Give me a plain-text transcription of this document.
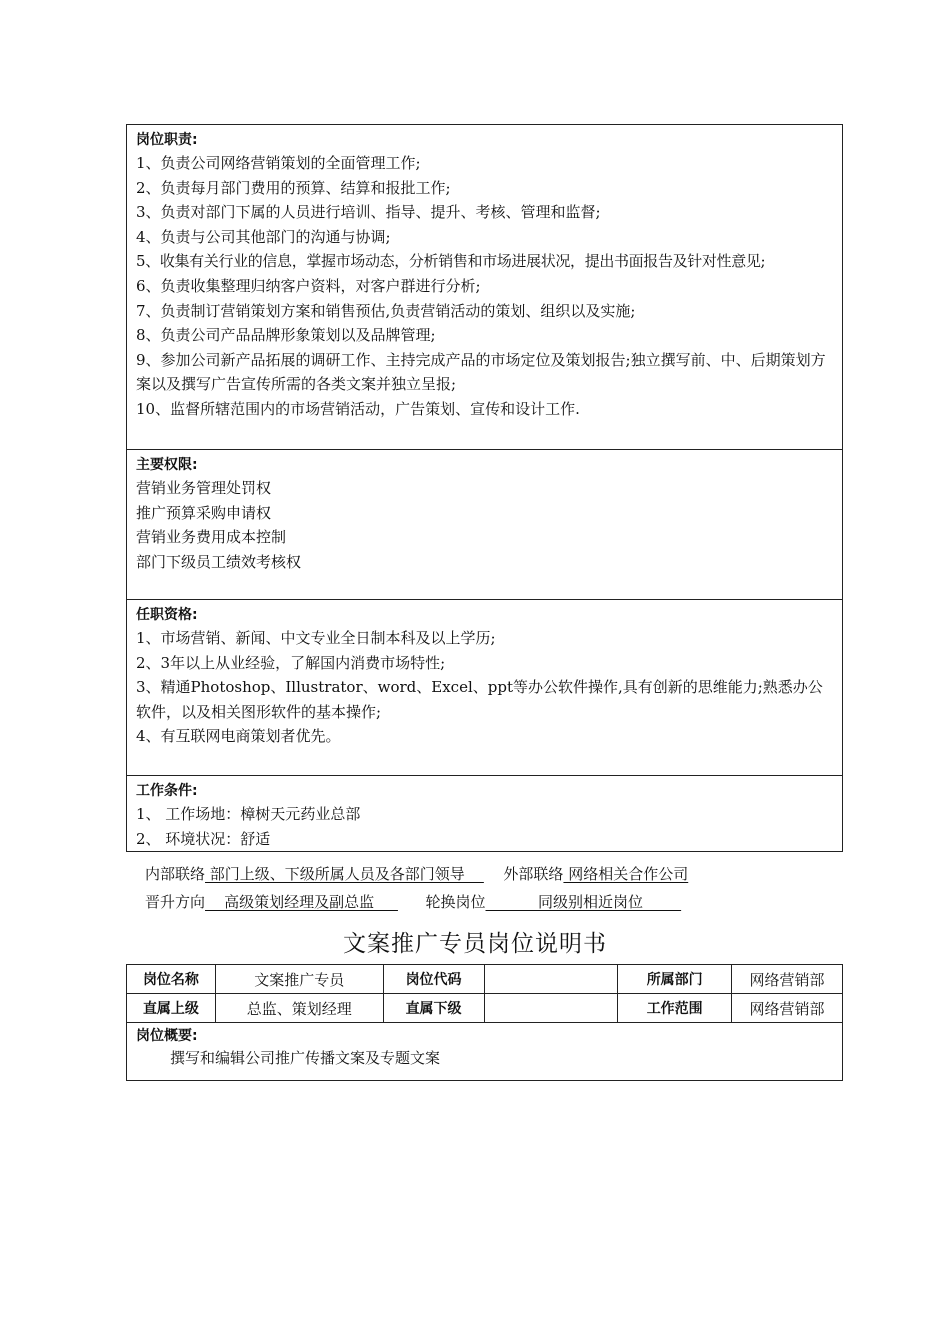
岗位职责:
1、负责公司网络营销策划的全面管理工作;
2、负责每月部门费用的预算、结算和报批工作;
3、负责对部门下属的人员进行培训、指导、提升、考核、管理和监督;
4、负责与公司其他部门的沟通与协调;
5、收集有关行业的信息，掌握市场动态，分析销售和市场进展状况，提出书面报告及针对性意见;
6、负责收集整理归纳客户资料，对客户群进行分析;
7、负责制订营销策划方案和销售预估,负责营销活动的策划、组织以及实施;
8、负责公司产品品牌形象策划以及品牌管理;
9、参加公司新产品拓展的调研工作、主持完成产品的市场定位及策划报告;独立撰写前、中、后期策划方案以及撰写广告宣传所需的各类文案并独立呈报;
10、监督所辖范围内的市场营销活动，广告策划、宣传和设计工作.
主要权限:
营销业务管理处罚权
推广预算采购申请权
营销业务费用成本控制
部门下级员工绩效考核权
任职资格:
1、市场营销、新闻、中文专业全日制本科及以上学历;
2、3年以上从业经验，了解国内消费市场特性;
3、精通Photoshop、Illustrator、word、Excel、ppt等办公软件操作,具有创新的思维能力;熟悉办公软件，以及相关图形软件的基本操作;
4、有互联网电商策划者优先。
工作条件:
1、 工作场地：樟树天元药业总部
2、 环境状况：舒适
内部联络 部门上级、下级所属人员及各部门领导      外部联络 网络相关合作公司
晋升方向    高级策划经理及副总监       轮换岗位           同级别相近岗位
文案推广专员岗位说明书
岗位名称	文案推广专员	岗位代码		所属部门	网络营销部
直属上级	总监、策划经理	直属下级		工作范围	网络营销部

岗位概要:
撰写和编辑公司推广传播文案及专题文案					
